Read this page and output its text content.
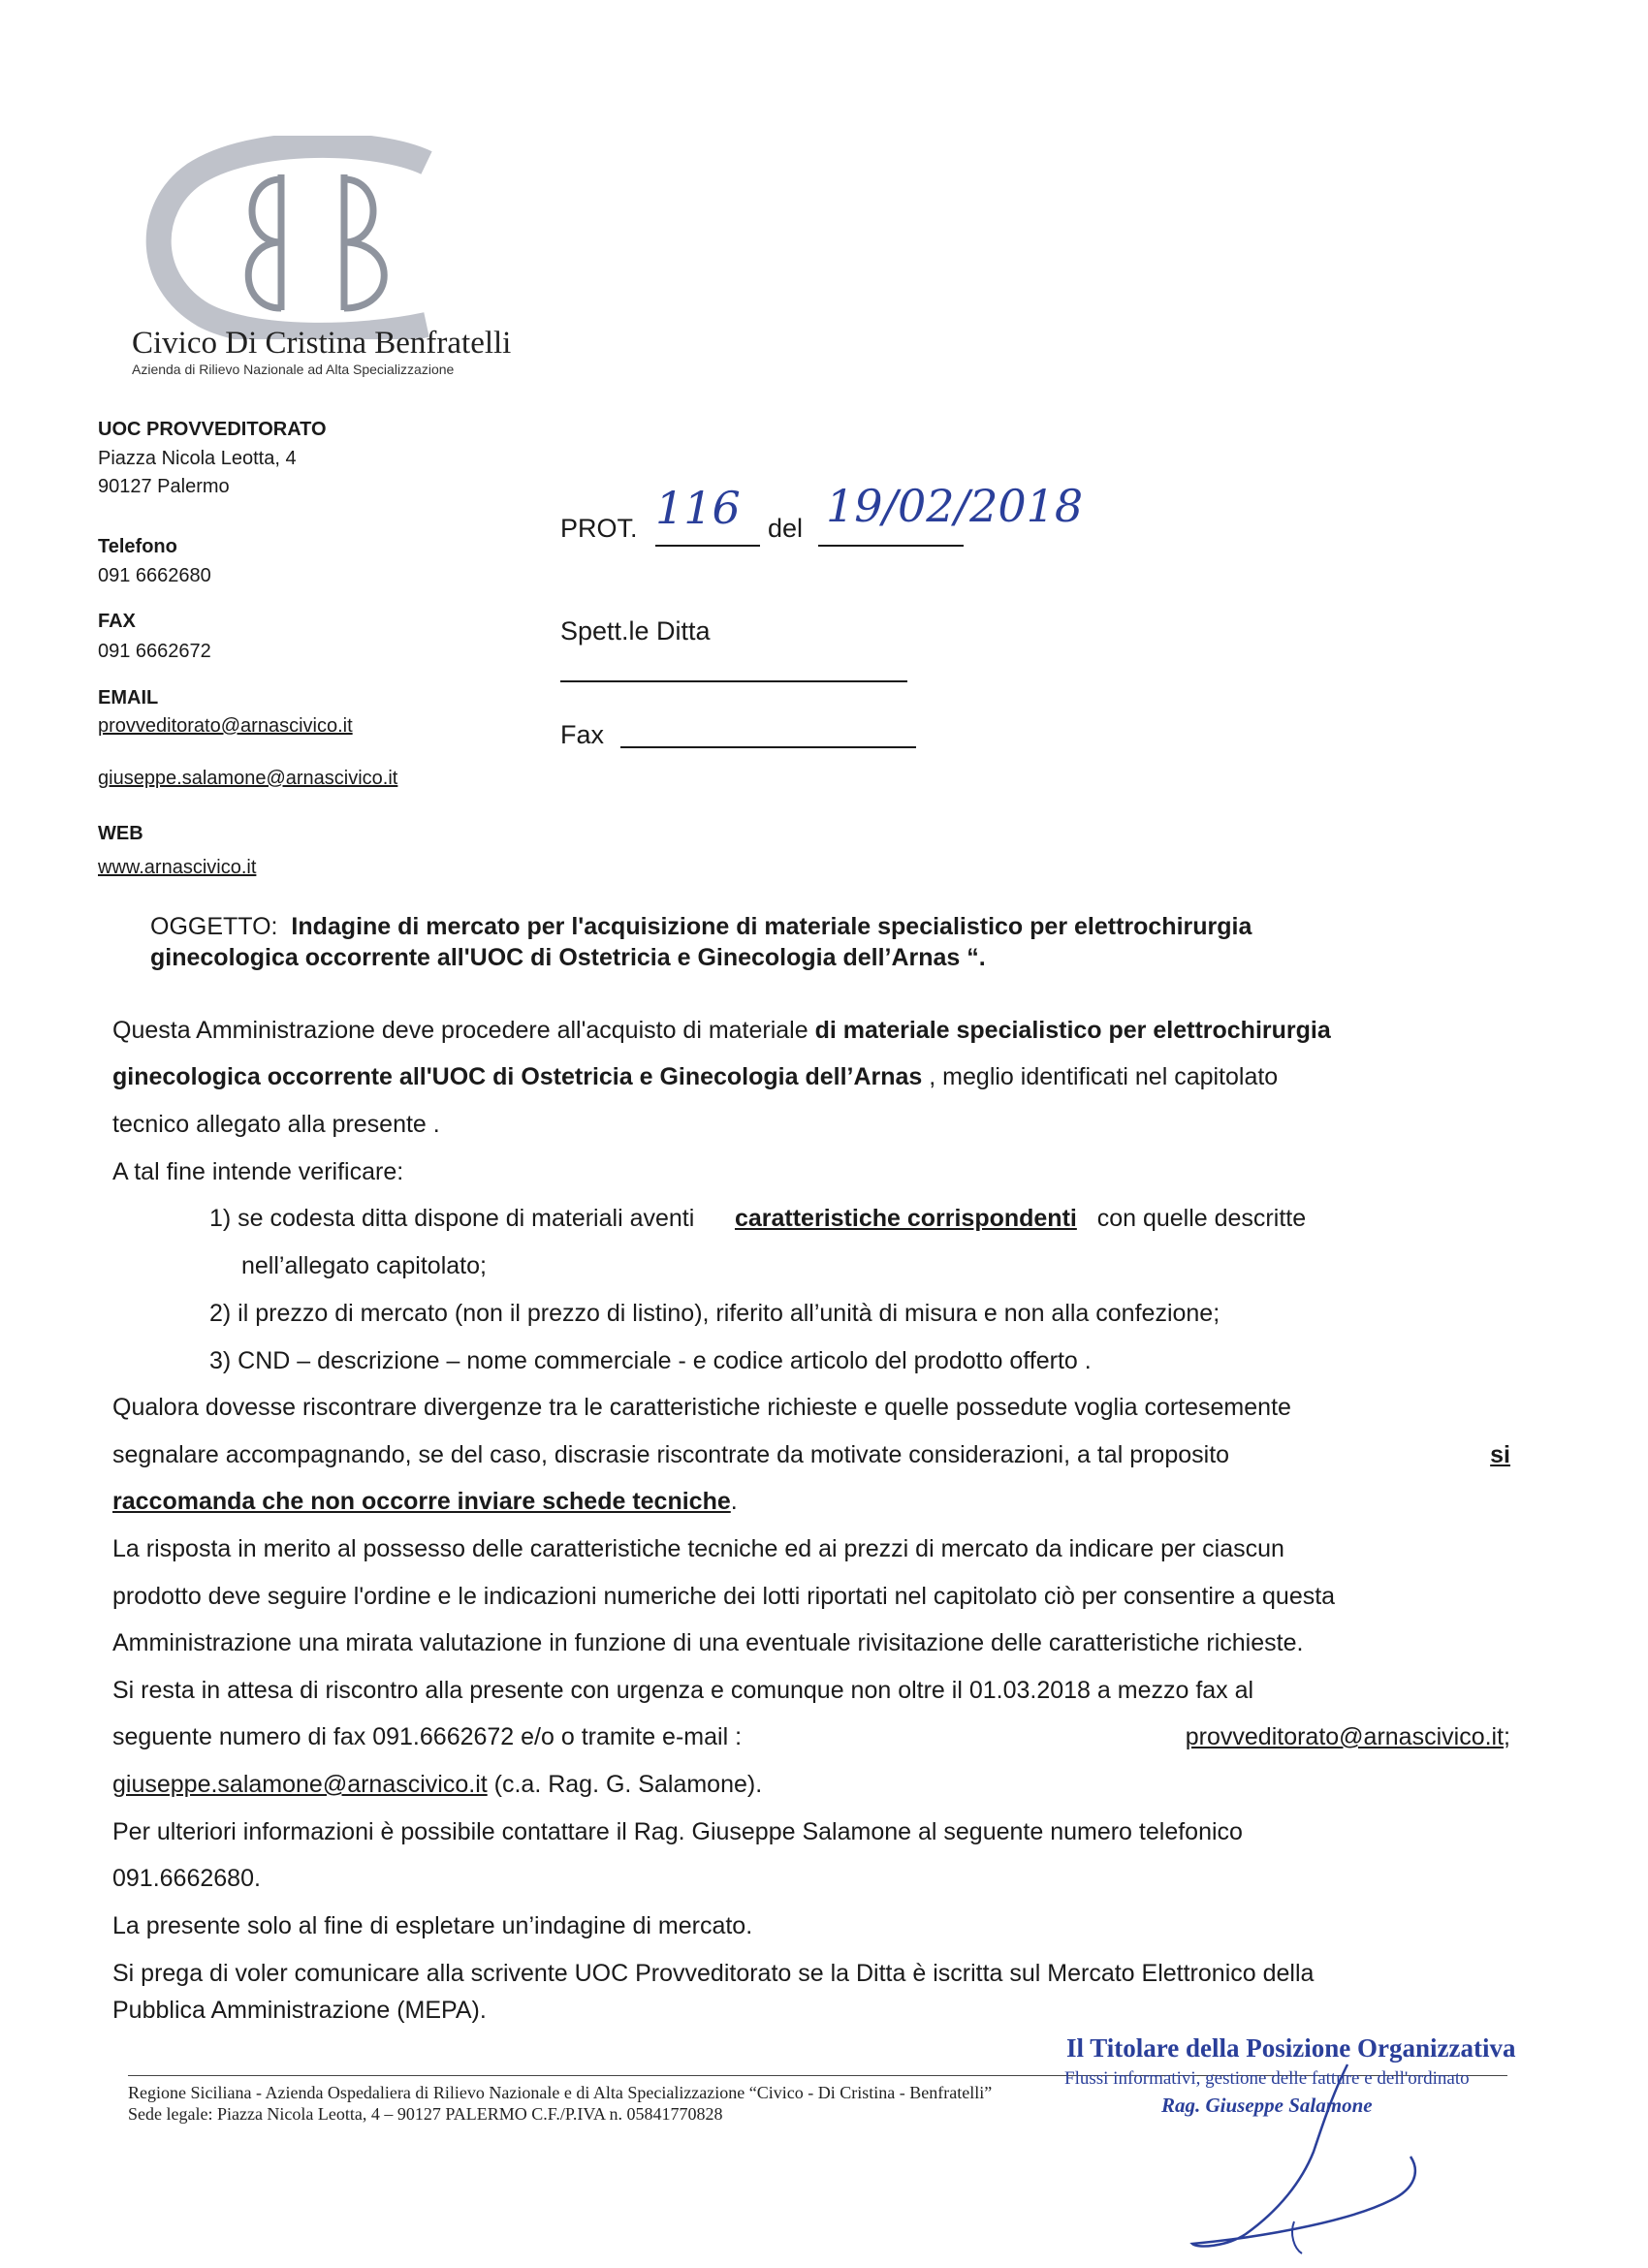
Civico Di Cristina Benfratelli
Azienda di Rilievo Nazionale ad Alta Specializzazione
UOC PROVVEDITORATO
Piazza Nicola Leotta, 4
90127 Palermo
Telefono
091 6662680
FAX
091 6662672
EMAIL
provveditorato@arnascivico.it
giuseppe.salamone@arnascivico.it
WEB
www.arnascivico.it
PROT. 116 del 19/02/2018
Spett.le Ditta
Fax
OGGETTO: Indagine di mercato per l'acquisizione di materiale specialistico per elettrochirurgia
ginecologica occorrente all'UOC di Ostetricia e Ginecologia dell’Arnas “.
Questa Amministrazione deve procedere all'acquisto di materiale di materiale specialistico per elettrochirurgia
ginecologica occorrente all'UOC di Ostetricia e Ginecologia dell’Arnas , meglio identificati nel capitolato
tecnico allegato alla presente .
A tal fine intende verificare:
1) se codesta ditta dispone di materiali aventi caratteristiche corrispondenti con quelle descritte
nell’allegato capitolato;
2) il prezzo di mercato (non il prezzo di listino), riferito all’unità di misura e non alla confezione;
3) CND – descrizione – nome commerciale - e codice articolo del prodotto offerto .
Qualora dovesse riscontrare divergenze tra le caratteristiche richieste e quelle possedute voglia cortesemente
segnalare accompagnando, se del caso, discrasie riscontrate da motivate considerazioni, a tal proposito	si
raccomanda che non occorre inviare schede tecniche.
La risposta in merito al possesso delle caratteristiche tecniche ed ai prezzi di mercato da indicare per ciascun
prodotto deve seguire l'ordine e le indicazioni numeriche dei lotti riportati nel capitolato ciò per consentire a questa
Amministrazione una mirata valutazione in funzione di una eventuale rivisitazione delle caratteristiche richieste.
Si resta in attesa di riscontro alla presente con urgenza e comunque non oltre il 01.03.2018 a mezzo fax al
seguente numero di fax 091.6662672 e/o o tramite e-mail :	provveditorato@arnascivico.it;
giuseppe.salamone@arnascivico.it (c.a. Rag. G. Salamone).
Per ulteriori informazioni è possibile contattare il Rag. Giuseppe Salamone al seguente numero telefonico
091.6662680.
La presente solo al fine di espletare un’indagine di mercato.
Si prega di voler comunicare alla scrivente UOC Provveditorato se la Ditta è iscritta sul Mercato Elettronico della
Pubblica Amministrazione (MEPA).
Regione Siciliana - Azienda Ospedaliera di Rilievo Nazionale e di Alta Specializzazione “Civico - Di Cristina - Benfratelli”
Sede legale: Piazza Nicola Leotta, 4 – 90127 PALERMO C.F./P.IVA n. 05841770828
Il Titolare della Posizione Organizzativa
Flussi informativi, gestione delle fatture e dell'ordinato
Rag. Giuseppe Salamone
